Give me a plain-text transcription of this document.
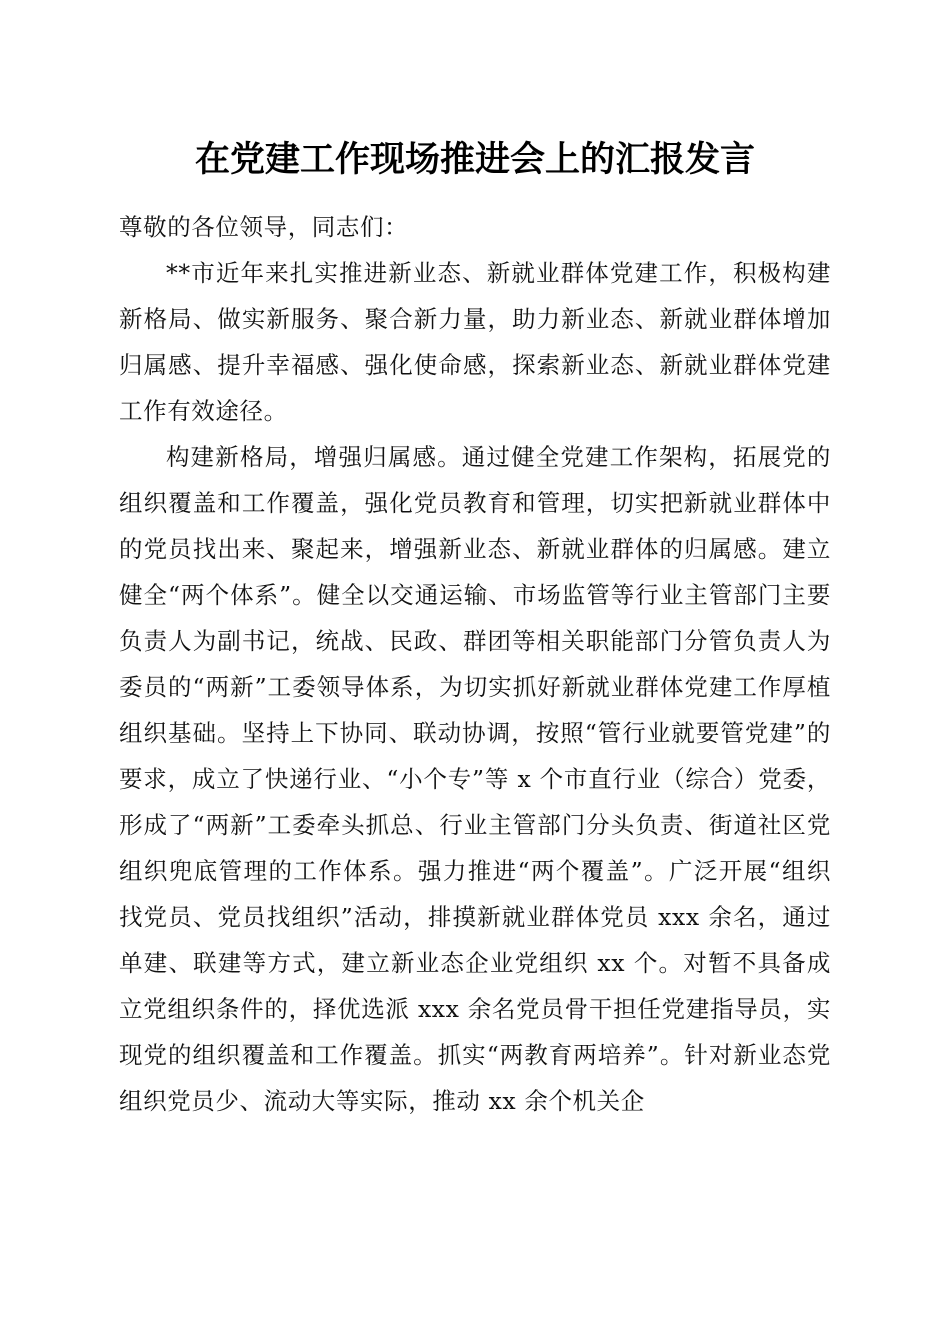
在党建工作现场推进会上的汇报发言

尊敬的各位领导，同志们：

**市近年来扎实推进新业态、新就业群体党建工作，积极构建新格局、做实新服务、聚合新力量，助力新业态、新就业群体增加归属感、提升幸福感、强化使命感，探索新业态、新就业群体党建工作有效途径。

构建新格局，增强归属感。通过健全党建工作架构，拓展党的组织覆盖和工作覆盖，强化党员教育和管理，切实把新就业群体中的党员找出来、聚起来，增强新业态、新就业群体的归属感。建立健全“两个体系”。健全以交通运输、市场监管等行业主管部门主要负责人为副书记，统战、民政、群团等相关职能部门分管负责人为委员的“两新”工委领导体系，为切实抓好新就业群体党建工作厚植组织基础。坚持上下协同、联动协调，按照“管行业就要管党建”的要求，成立了快递行业、“小个专”等 x 个市直行业（综合）党委，形成了“两新”工委牵头抓总、行业主管部门分头负责、街道社区党组织兜底管理的工作体系。强力推进“两个覆盖”。广泛开展“组织找党员、党员找组织”活动，排摸新就业群体党员 xxx 余名，通过单建、联建等方式，建立新业态企业党组织 xx 个。对暂不具备成立党组织条件的，择优选派 xxx 余名党员骨干担任党建指导员，实现党的组织覆盖和工作覆盖。抓实“两教育两培养”。针对新业态党组织党员少、流动大等实际，推动 xx 余个机关企
